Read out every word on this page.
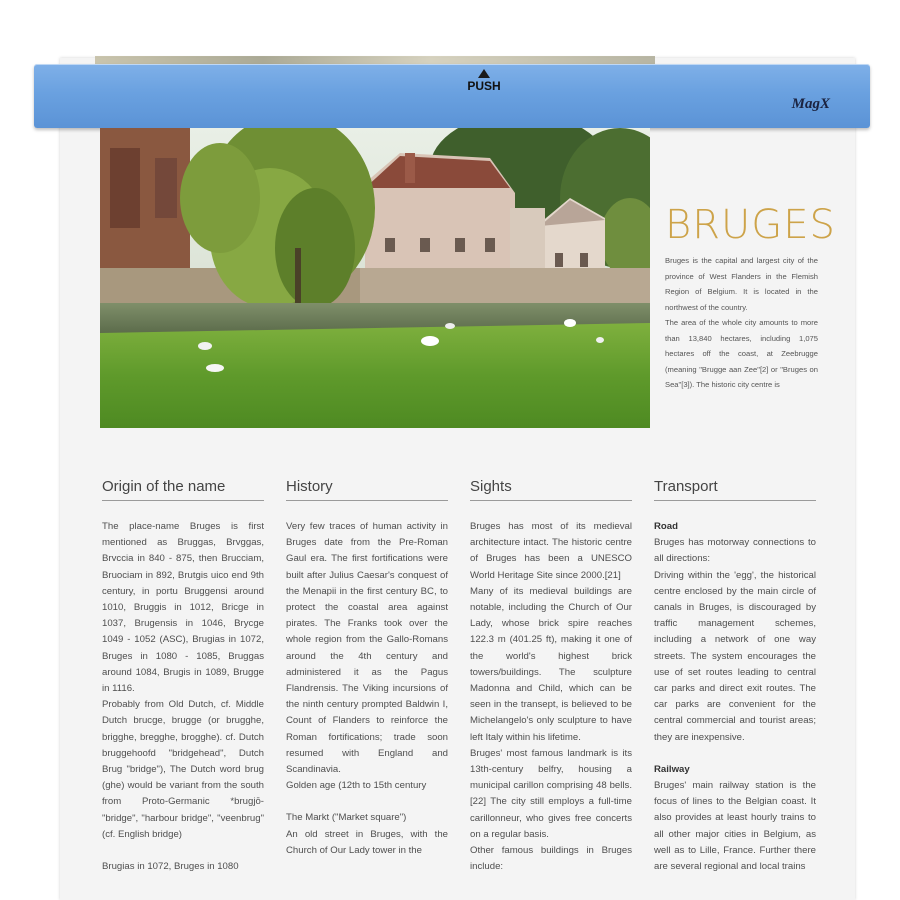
PUSH
MagX
BRUGES

Bruges is the capital and largest city of the province of West Flanders in the Flemish Region of Belgium. It is located in the northwest of the country.

The area of the whole city amounts to more than 13,840 hectares, including 1,075 hectares off the coast, at Zeebrugge (meaning "Brugge aan Zee"[2] or "Bruges on Sea"[3]). The historic city centre is

Origin of the name

The place-name Bruges is first mentioned as Bruggas, Brvggas, Brvccia in 840 - 875, then Brucciam, Bruociam in 892, Brutgis uico end 9th century, in portu Bruggensi around 1010, Bruggis in 1012, Bricge in 1037, Brugensis in 1046, Brycge 1049 - 1052 (ASC), Brugias in 1072, Bruges in 1080 - 1085, Bruggas around 1084, Brugis in 1089, Brugge in 1116.

Probably from Old Dutch, cf. Middle Dutch brucge, brugge (or brugghe, brigghe, bregghe, brogghe). cf. Dutch bruggehoofd "bridgehead", Dutch Brug "bridge"), The Dutch word brug (ghe) would be variant from the south from Proto-Germanic *brugjō- "bridge", "harbour bridge", "veenbrug" (cf. English bridge)

Brugias in 1072, Bruges in 1080

History

Very few traces of human activity in Bruges date from the Pre-Roman Gaul era. The first fortifications were built after Julius Caesar's conquest of the Menapii in the first century BC, to protect the coastal area against pirates. The Franks took over the whole region from the Gallo-Romans around the 4th century and administered it as the Pagus Flandrensis. The Viking incursions of the ninth century prompted Baldwin I, Count of Flanders to reinforce the Roman fortifications; trade soon resumed with England and Scandinavia.

Golden age (12th to 15th century

The Markt ("Market square")

An old street in Bruges, with the Church of Our Lady tower in the

Sights

Bruges has most of its medieval architecture intact. The historic centre of Bruges has been a UNESCO World Heritage Site since 2000.[21]

Many of its medieval buildings are notable, including the Church of Our Lady, whose brick spire reaches 122.3 m (401.25 ft), making it one of the world's highest brick towers/buildings. The sculpture Madonna and Child, which can be seen in the transept, is believed to be Michelangelo's only sculpture to have left Italy within his lifetime.

Bruges' most famous landmark is its 13th-century belfry, housing a municipal carillon comprising 48 bells.[22] The city still employs a full-time carillonneur, who gives free concerts on a regular basis.

Other famous buildings in Bruges include:

Transport

Road

Bruges has motorway connections to all directions:

Driving within the 'egg', the historical centre enclosed by the main circle of canals in Bruges, is discouraged by traffic management schemes, including a network of one way streets. The system encourages the use of set routes leading to central car parks and direct exit routes. The car parks are convenient for the central commercial and tourist areas; they are inexpensive.

Railway

Bruges' main railway station is the focus of lines to the Belgian coast. It also provides at least hourly trains to all other major cities in Belgium, as well as to Lille, France. Further there are several regional and local trains
